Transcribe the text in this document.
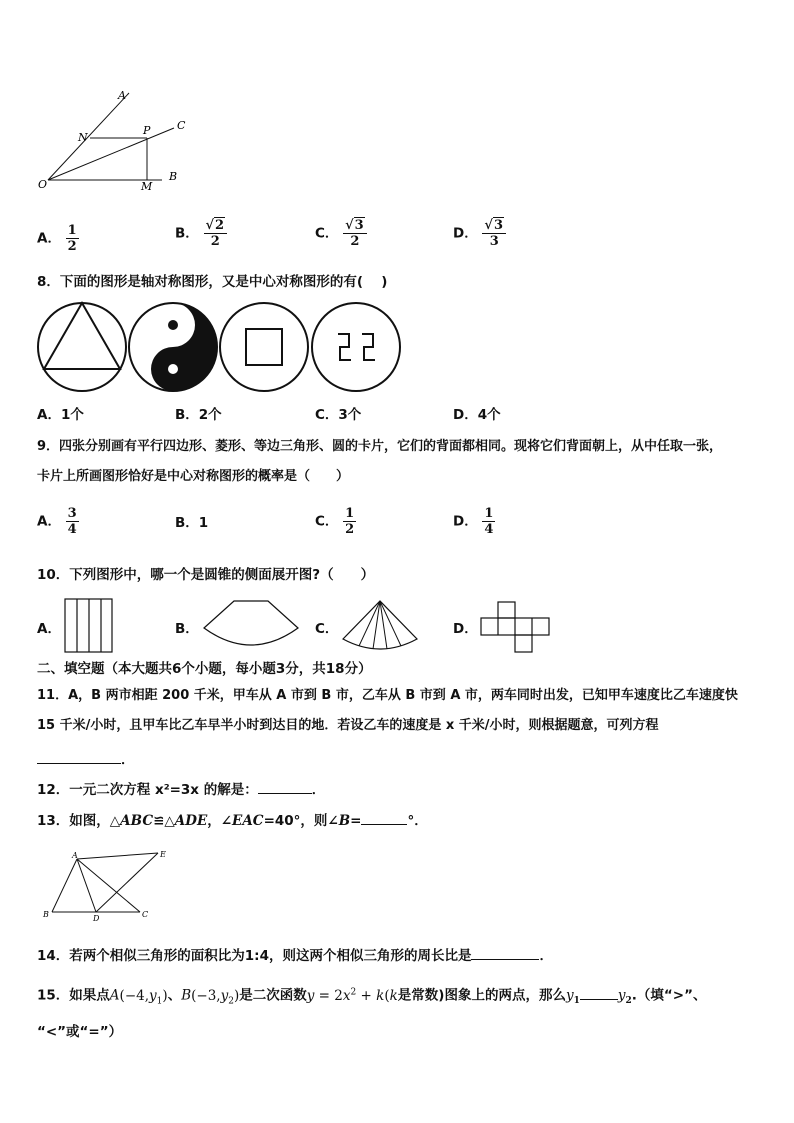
A
C
B
N
P
O	M
A． $\frac{1}{2}$	B． $\frac{√2}{2}$	C． $\frac{√3}{2}$	D． $\frac{√3}{3}$
8．下面的图形是轴对称图形，又是中心对称图形的有(　 )
A．1个	B．2个	C．3个	D．4个
9．四张分别画有平行四边形、菱形、等边三角形、圆的卡片，它们的背面都相同。现将它们背面朝上，从中任取一张，
卡片上所画图形恰好是中心对称图形的概率是（　　）
A． $\frac{3}{4}$	B．1	C． $\frac{1}{2}$	D． $\frac{1}{4}$
10．下列图形中，哪一个是圆锥的侧面展开图?（　　）
A．	B．	C．	D．
二、填空题（本大题共6个小题，每小题3分，共18分）
11．A，B 两市相距 200 千米，甲车从 A 市到 B 市，乙车从 B 市到 A 市，两车同时出发，已知甲车速度比乙车速度快
15 千米/小时，且甲车比乙车早半小时到达目的地．若设乙车的速度是 x 千米/小时，则根据题意，可列方程
．
12．一元二次方程 x²=3x 的解是：	．
13．如图，△ABC≌△ADE，∠EAC=40°，则∠B=	°．
A	E
B	D	C
14．若两个相似三角形的面积比为1:4，则这两个相似三角形的周长比是	．
15．如果点$A(-4,y_1)$、$B(-3,y_2)$是二次函数$y = 2x^2 + k(k$是常数)图象上的两点，那么$y_1$	$y_2$.（填“>”、
“<”或“=”）
